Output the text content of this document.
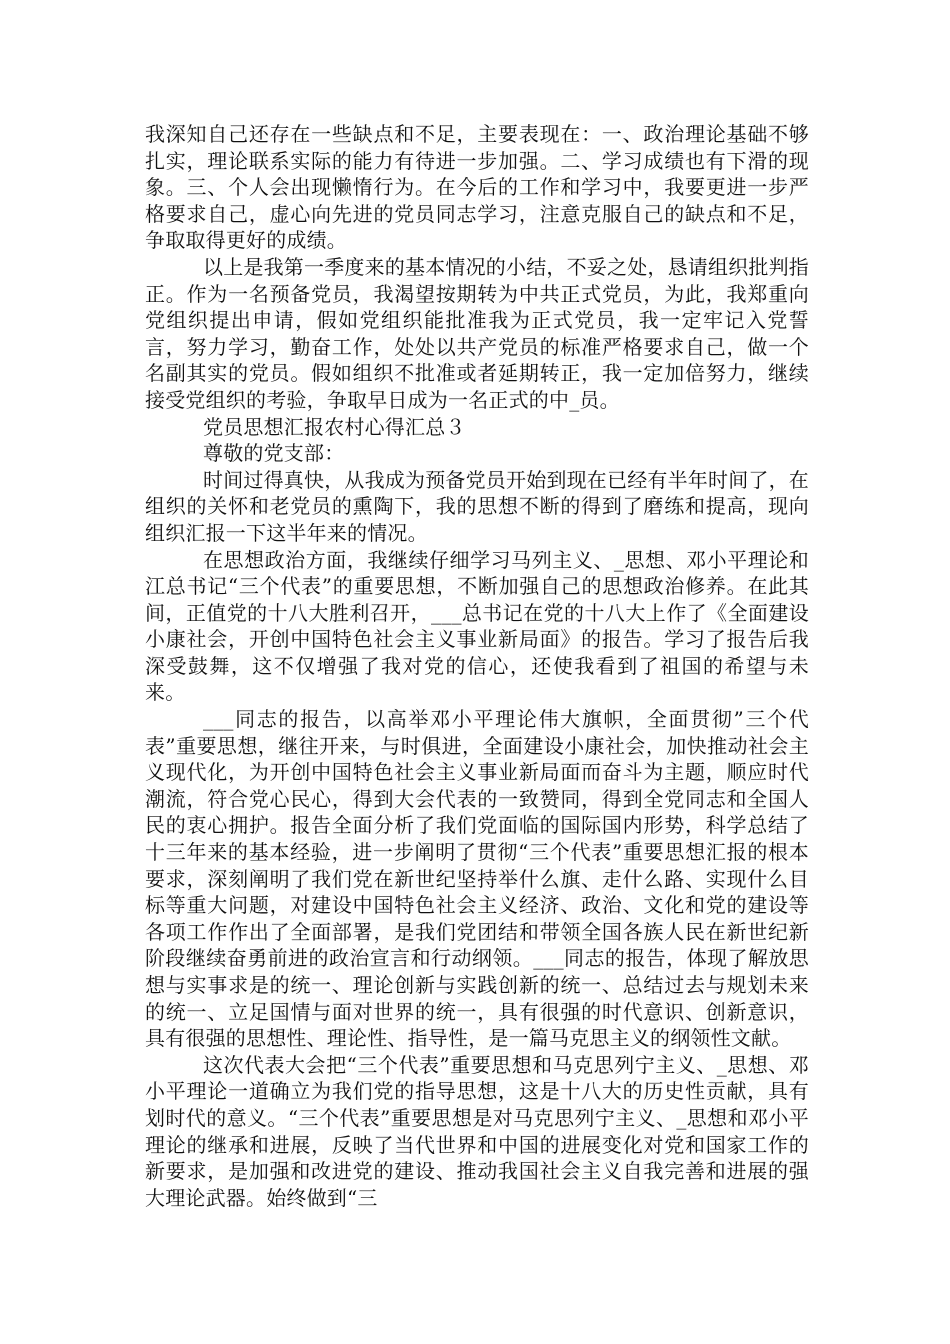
我深知自己还存在一些缺点和不足，主要表现在：一、政治理论基础不够扎实，理论联系实际的能力有待进一步加强。二、学习成绩也有下滑的现象。三、个人会出现懒惰行为。在今后的工作和学习中，我要更进一步严格要求自己，虚心向先进的党员同志学习，注意克服自己的缺点和不足，争取取得更好的成绩。

以上是我第一季度来的基本情况的小结，不妥之处，恳请组织批判指正。作为一名预备党员，我渴望按期转为中共正式党员，为此，我郑重向党组织提出申请，假如党组织能批准我为正式党员，我一定牢记入党誓言，努力学习，勤奋工作，处处以共产党员的标准严格要求自己，做一个名副其实的党员。假如组织不批准或者延期转正，我一定加倍努力，继续接受党组织的考验，争取早日成为一名正式的中_员。

党员思想汇报农村心得汇总３

尊敬的党支部：

时间过得真快，从我成为预备党员开始到现在已经有半年时间了，在组织的关怀和老党员的熏陶下，我的思想不断的得到了磨练和提高，现向组织汇报一下这半年来的情况。

在思想政治方面，我继续仔细学习马列主义、_思想、邓小平理论和江总书记“三个代表”的重要思想，不断加强自己的思想政治修养。在此其间，正值党的十八大胜利召开，___总书记在党的十八大上作了《全面建设小康社会，开创中国特色社会主义事业新局面》的报告。学习了报告后我深受鼓舞，这不仅增强了我对党的信心，还使我看到了祖国的希望与未来。

___同志的报告，以高举邓小平理论伟大旗帜，全面贯彻”三个代表”重要思想，继往开来，与时俱进，全面建设小康社会，加快推动社会主义现代化，为开创中国特色社会主义事业新局面而奋斗为主题，顺应时代潮流，符合党心民心，得到大会代表的一致赞同，得到全党同志和全国人民的衷心拥护。报告全面分析了我们党面临的国际国内形势，科学总结了十三年来的基本经验，进一步阐明了贯彻“三个代表”重要思想汇报的根本要求，深刻阐明了我们党在新世纪坚持举什么旗、走什么路、实现什么目标等重大问题，对建设中国特色社会主义经济、政治、文化和党的建设等各项工作作出了全面部署，是我们党团结和带领全国各族人民在新世纪新阶段继续奋勇前进的政治宣言和行动纲领。___同志的报告，体现了解放思想与实事求是的统一、理论创新与实践创新的统一、总结过去与规划未来的统一、立足国情与面对世界的统一，具有很强的时代意识、创新意识，具有很强的思想性、理论性、指导性，是一篇马克思主义的纲领性文献。

这次代表大会把“三个代表”重要思想和马克思列宁主义、_思想、邓小平理论一道确立为我们党的指导思想，这是十八大的历史性贡献，具有划时代的意义。“三个代表”重要思想是对马克思列宁主义、_思想和邓小平理论的继承和进展，反映了当代世界和中国的进展变化对党和国家工作的新要求，是加强和改进党的建设、推动我国社会主义自我完善和进展的强大理论武器。始终做到“三
